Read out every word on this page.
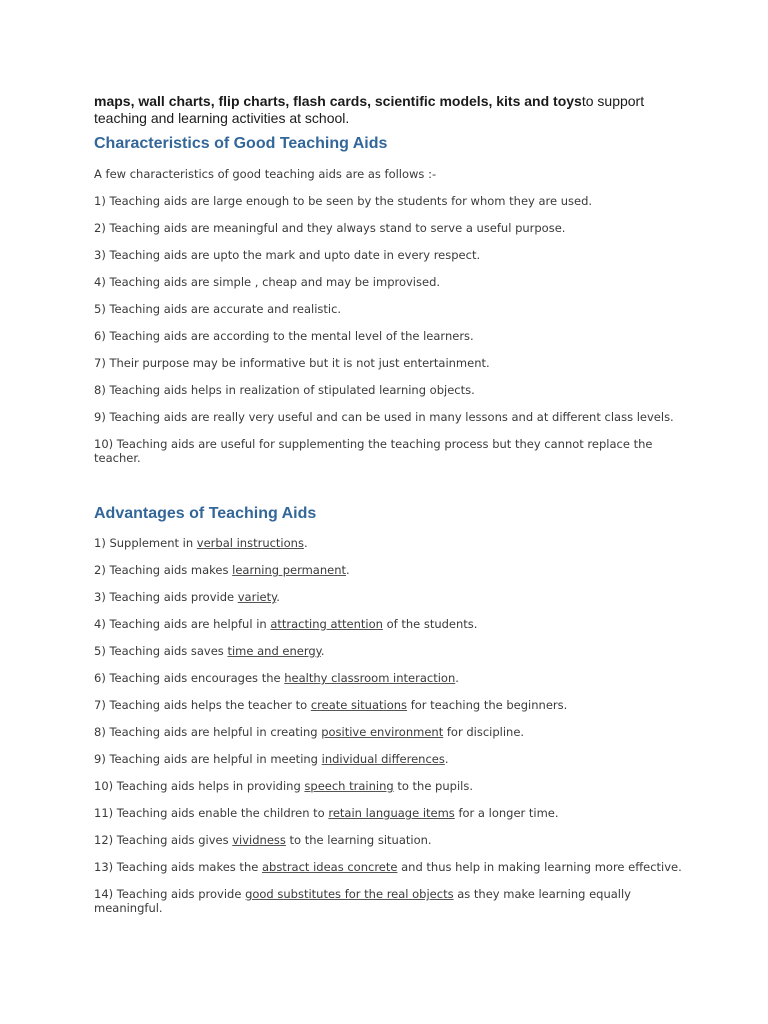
maps, wall charts, flip charts, flash cards, scientific models, kits and toysto support teaching and learning activities at school.

Characteristics of Good Teaching Aids

A few characteristics of good teaching aids are as follows :-

1) Teaching aids are large enough to be seen by the students for whom they are used.

2) Teaching aids are meaningful and they always stand to serve a useful purpose.

3) Teaching aids are upto the mark and upto date in every respect.

4) Teaching aids are simple , cheap and may be improvised.

5) Teaching aids are accurate and realistic.

6) Teaching aids are according to the mental level of the learners.

7) Their purpose may be informative but it is not just entertainment.

8) Teaching aids helps in realization of stipulated learning objects.

9) Teaching aids are really very useful and can be used in many lessons and at different class levels.

10) Teaching aids are useful for supplementing the teaching process but they cannot replace the teacher.

Advantages of Teaching Aids

1) Supplement in verbal instructions.

2) Teaching aids makes learning permanent.

3) Teaching aids provide variety.

4) Teaching aids are helpful in attracting attention of the students.

5) Teaching aids saves time and energy.

6) Teaching aids encourages the healthy classroom interaction.

7) Teaching aids helps the teacher to create situations for teaching the beginners.

8) Teaching aids are helpful in creating positive environment for discipline.

9) Teaching aids are helpful in meeting individual differences.

10) Teaching aids helps in providing speech training to the pupils.

11) Teaching aids enable the children to retain language items for a longer time.

12) Teaching aids gives vividness to the learning situation.

13) Teaching aids makes the abstract ideas concrete and thus help in making learning more effective.

14) Teaching aids provide good substitutes for the real objects as they make learning equally meaningful.
